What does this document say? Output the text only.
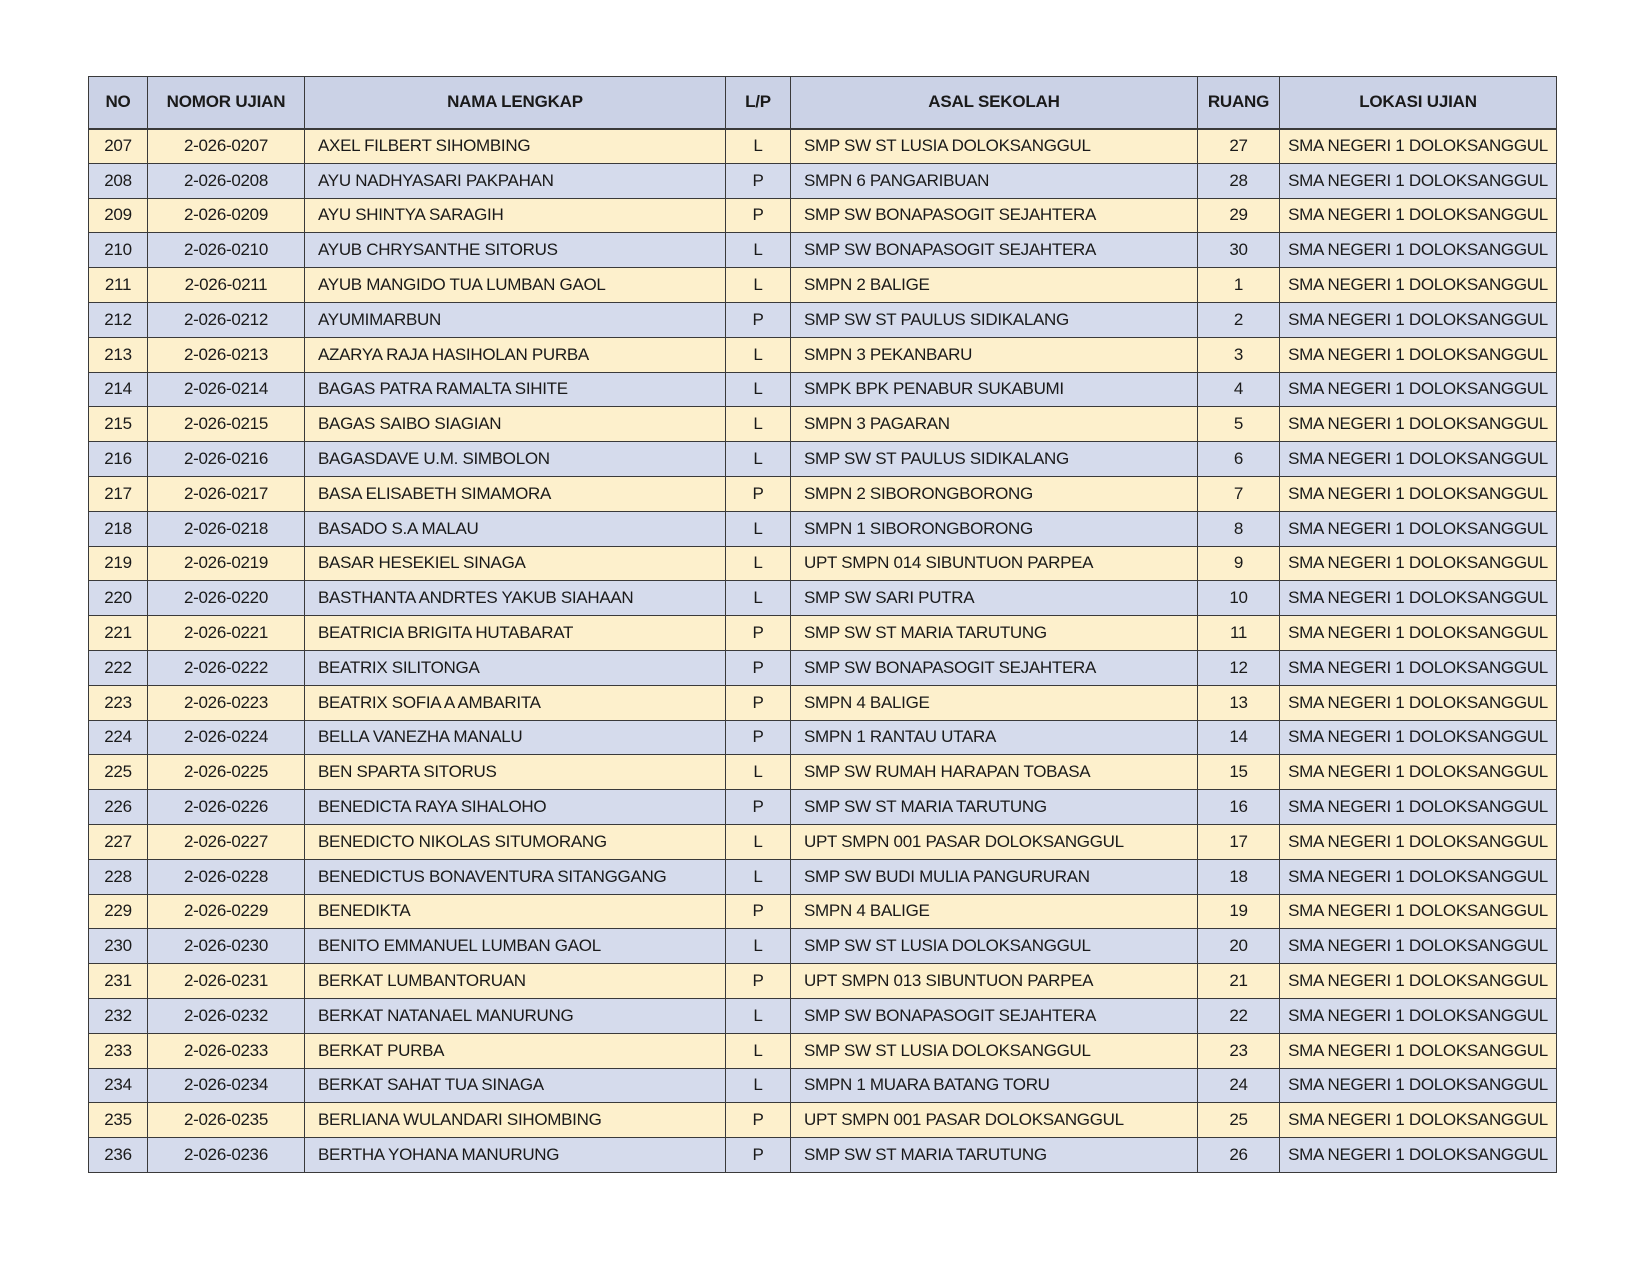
NO	NOMOR UJIAN	NAMA LENGKAP	L/P	ASAL SEKOLAH	RUANG	LOKASI UJIAN
207	2-026-0207	AXEL FILBERT SIHOMBING	L	SMP SW ST LUSIA DOLOKSANGGUL	27	SMA NEGERI 1 DOLOKSANGGUL
208	2-026-0208	AYU NADHYASARI PAKPAHAN	P	SMPN 6 PANGARIBUAN	28	SMA NEGERI 1 DOLOKSANGGUL
209	2-026-0209	AYU SHINTYA SARAGIH	P	SMP SW BONAPASOGIT SEJAHTERA	29	SMA NEGERI 1 DOLOKSANGGUL
210	2-026-0210	AYUB CHRYSANTHE SITORUS	L	SMP SW BONAPASOGIT SEJAHTERA	30	SMA NEGERI 1 DOLOKSANGGUL
211	2-026-0211	AYUB MANGIDO TUA LUMBAN GAOL	L	SMPN 2 BALIGE	1	SMA NEGERI 1 DOLOKSANGGUL
212	2-026-0212	AYUMIMARBUN	P	SMP SW ST PAULUS SIDIKALANG	2	SMA NEGERI 1 DOLOKSANGGUL
213	2-026-0213	AZARYA RAJA HASIHOLAN PURBA	L	SMPN 3 PEKANBARU	3	SMA NEGERI 1 DOLOKSANGGUL
214	2-026-0214	BAGAS PATRA RAMALTA SIHITE	L	SMPK BPK PENABUR SUKABUMI	4	SMA NEGERI 1 DOLOKSANGGUL
215	2-026-0215	BAGAS SAIBO SIAGIAN	L	SMPN 3 PAGARAN	5	SMA NEGERI 1 DOLOKSANGGUL
216	2-026-0216	BAGASDAVE U.M. SIMBOLON	L	SMP SW ST PAULUS SIDIKALANG	6	SMA NEGERI 1 DOLOKSANGGUL
217	2-026-0217	BASA ELISABETH SIMAMORA	P	SMPN 2 SIBORONGBORONG	7	SMA NEGERI 1 DOLOKSANGGUL
218	2-026-0218	BASADO S.A MALAU	L	SMPN 1 SIBORONGBORONG	8	SMA NEGERI 1 DOLOKSANGGUL
219	2-026-0219	BASAR HESEKIEL SINAGA	L	UPT SMPN 014 SIBUNTUON PARPEA	9	SMA NEGERI 1 DOLOKSANGGUL
220	2-026-0220	BASTHANTA ANDRTES YAKUB SIAHAAN	L	SMP SW SARI PUTRA	10	SMA NEGERI 1 DOLOKSANGGUL
221	2-026-0221	BEATRICIA BRIGITA HUTABARAT	P	SMP SW ST MARIA TARUTUNG	11	SMA NEGERI 1 DOLOKSANGGUL
222	2-026-0222	BEATRIX SILITONGA	P	SMP SW BONAPASOGIT SEJAHTERA	12	SMA NEGERI 1 DOLOKSANGGUL
223	2-026-0223	BEATRIX SOFIA A AMBARITA	P	SMPN 4 BALIGE	13	SMA NEGERI 1 DOLOKSANGGUL
224	2-026-0224	BELLA VANEZHA MANALU	P	SMPN 1 RANTAU UTARA	14	SMA NEGERI 1 DOLOKSANGGUL
225	2-026-0225	BEN SPARTA SITORUS	L	SMP SW RUMAH HARAPAN TOBASA	15	SMA NEGERI 1 DOLOKSANGGUL
226	2-026-0226	BENEDICTA RAYA SIHALOHO	P	SMP SW ST MARIA TARUTUNG	16	SMA NEGERI 1 DOLOKSANGGUL
227	2-026-0227	BENEDICTO NIKOLAS SITUMORANG	L	UPT SMPN 001 PASAR DOLOKSANGGUL	17	SMA NEGERI 1 DOLOKSANGGUL
228	2-026-0228	BENEDICTUS BONAVENTURA SITANGGANG	L	SMP SW BUDI MULIA PANGURURAN	18	SMA NEGERI 1 DOLOKSANGGUL
229	2-026-0229	BENEDIKTA	P	SMPN 4 BALIGE	19	SMA NEGERI 1 DOLOKSANGGUL
230	2-026-0230	BENITO EMMANUEL LUMBAN GAOL	L	SMP SW ST LUSIA DOLOKSANGGUL	20	SMA NEGERI 1 DOLOKSANGGUL
231	2-026-0231	BERKAT LUMBANTORUAN	P	UPT SMPN 013 SIBUNTUON PARPEA	21	SMA NEGERI 1 DOLOKSANGGUL
232	2-026-0232	BERKAT NATANAEL MANURUNG	L	SMP SW BONAPASOGIT SEJAHTERA	22	SMA NEGERI 1 DOLOKSANGGUL
233	2-026-0233	BERKAT PURBA	L	SMP SW ST LUSIA DOLOKSANGGUL	23	SMA NEGERI 1 DOLOKSANGGUL
234	2-026-0234	BERKAT SAHAT TUA SINAGA	L	SMPN 1 MUARA BATANG TORU	24	SMA NEGERI 1 DOLOKSANGGUL
235	2-026-0235	BERLIANA WULANDARI SIHOMBING	P	UPT SMPN 001 PASAR DOLOKSANGGUL	25	SMA NEGERI 1 DOLOKSANGGUL
236	2-026-0236	BERTHA YOHANA MANURUNG	P	SMP SW ST MARIA TARUTUNG	26	SMA NEGERI 1 DOLOKSANGGUL
